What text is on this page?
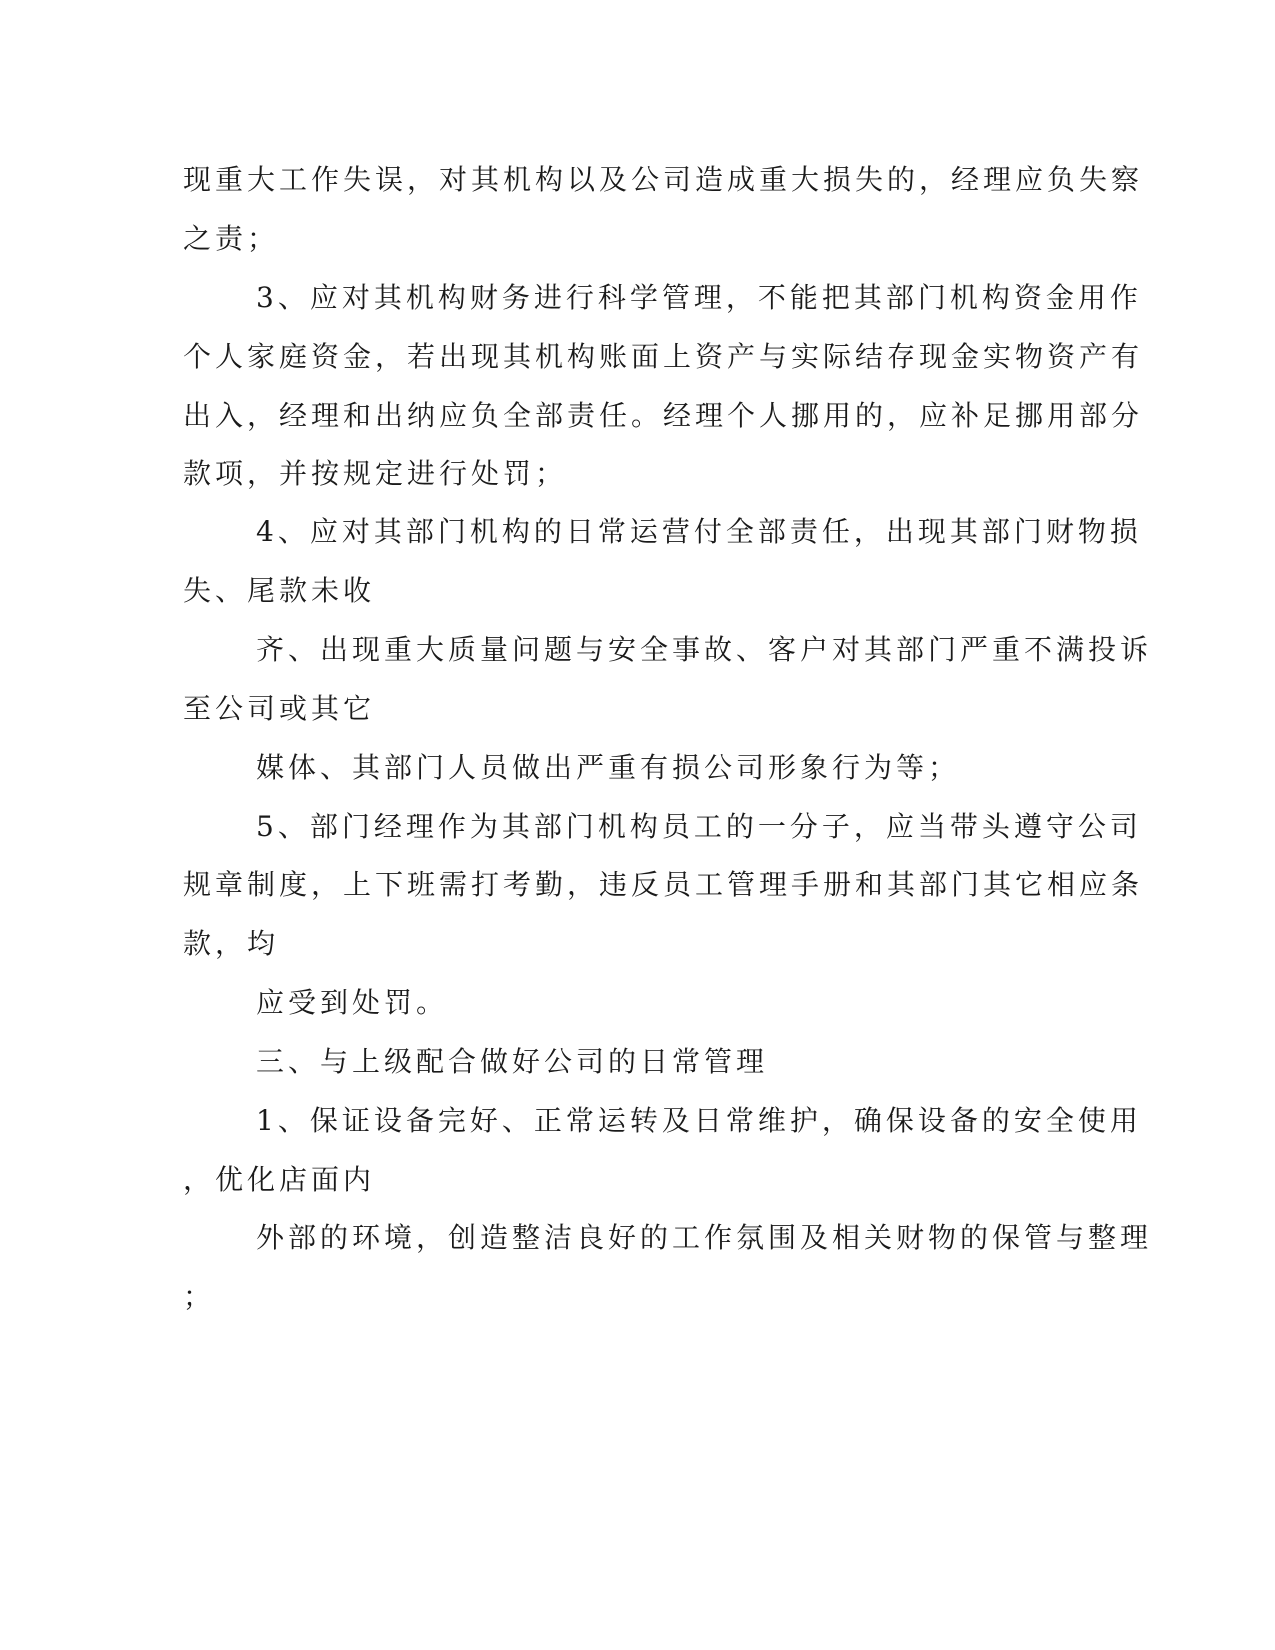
现重大工作失误，对其机构以及公司造成重大损失的，经理应负失察
之责；
3、应对其机构财务进行科学管理，不能把其部门机构资金用作
个人家庭资金，若出现其机构账面上资产与实际结存现金实物资产有
出入，经理和出纳应负全部责任。经理个人挪用的，应补足挪用部分
款项，并按规定进行处罚；
4、应对其部门机构的日常运营付全部责任，出现其部门财物损
失、尾款未收
齐、出现重大质量问题与安全事故、客户对其部门严重不满投诉
至公司或其它
媒体、其部门人员做出严重有损公司形象行为等；
5、部门经理作为其部门机构员工的一分子，应当带头遵守公司
规章制度，上下班需打考勤，违反员工管理手册和其部门其它相应条
款，均
应受到处罚。
三、与上级配合做好公司的日常管理
1、保证设备完好、正常运转及日常维护，确保设备的安全使用
，优化店面内
外部的环境，创造整洁良好的工作氛围及相关财物的保管与整理
；
